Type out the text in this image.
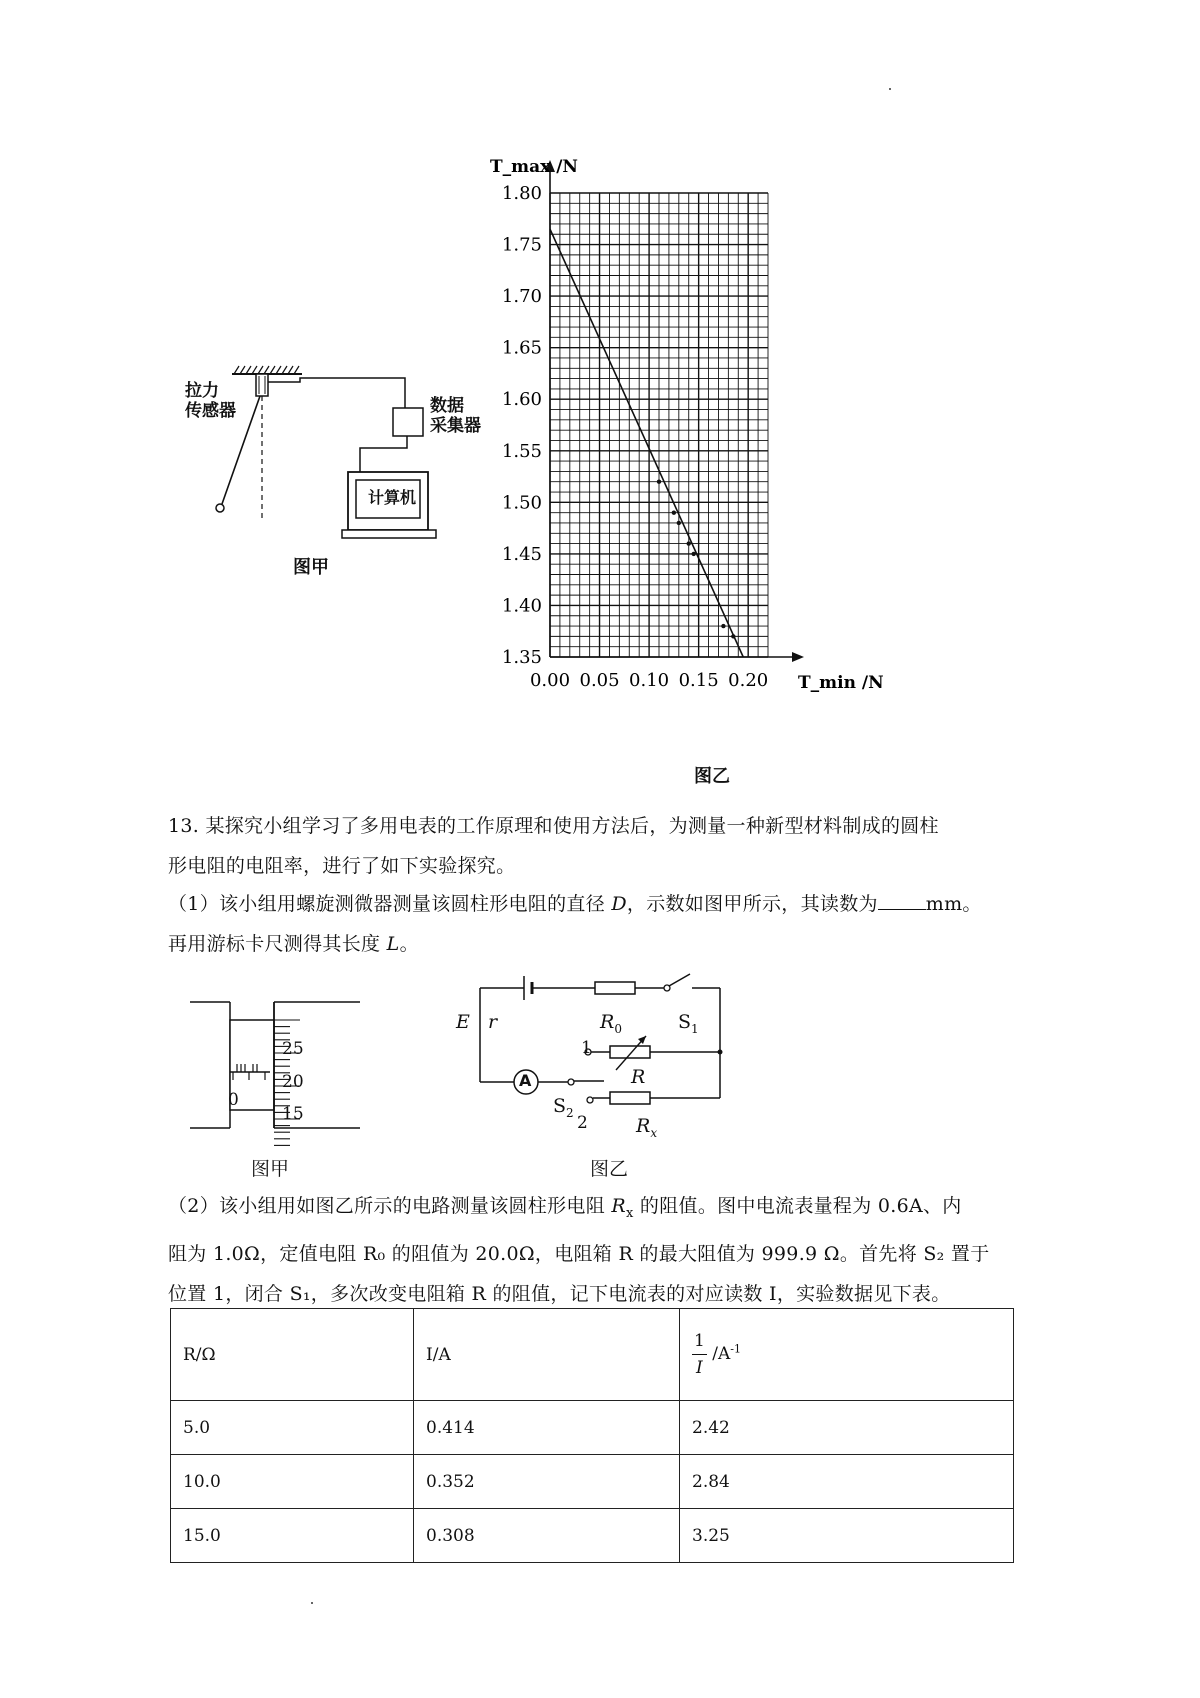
拉力
传感器	数据
采集器
计算机
图甲
1.80
1.75
1.70
1.65
1.60
1.55
1.50
1.45
1.40
1.35
0.00 0.05 0.10 0.15 0.20
T_max /N
T_min /N
图乙
13. 某探究小组学习了多用电表的工作原理和使用方法后，为测量一种新型材料制成的圆柱
形电阻的电阻率，进行了如下实验探究。
（1）该小组用螺旋测微器测量该圆柱形电阻的直径 D，示数如图甲所示，其读数为	mm。
再用游标卡尺测得其长度 L。
25
20
15
0
图甲
E r	$R_0$	$S_1$
1
R
A
$S_2$
2	$R_x$
图乙
（2）该小组用如图乙所示的电路测量该圆柱形电阻 $R_x$ 的阻值。图中电流表量程为 0.6A、内
阻为 1.0Ω，定值电阻 R₀ 的阻值为 20.0Ω，电阻箱 R 的最大阻值为 999.9 Ω。首先将 S₂ 置于
位置 1，闭合 S₁，多次改变电阻箱 R 的阻值，记下电流表的对应读数 I，实验数据见下表。
R/Ω	I/A	$\frac{1}{I} /A^{-1}$
5.0	0.414	2.42
10.0	0.352	2.84
15.0	0.308	3.25
